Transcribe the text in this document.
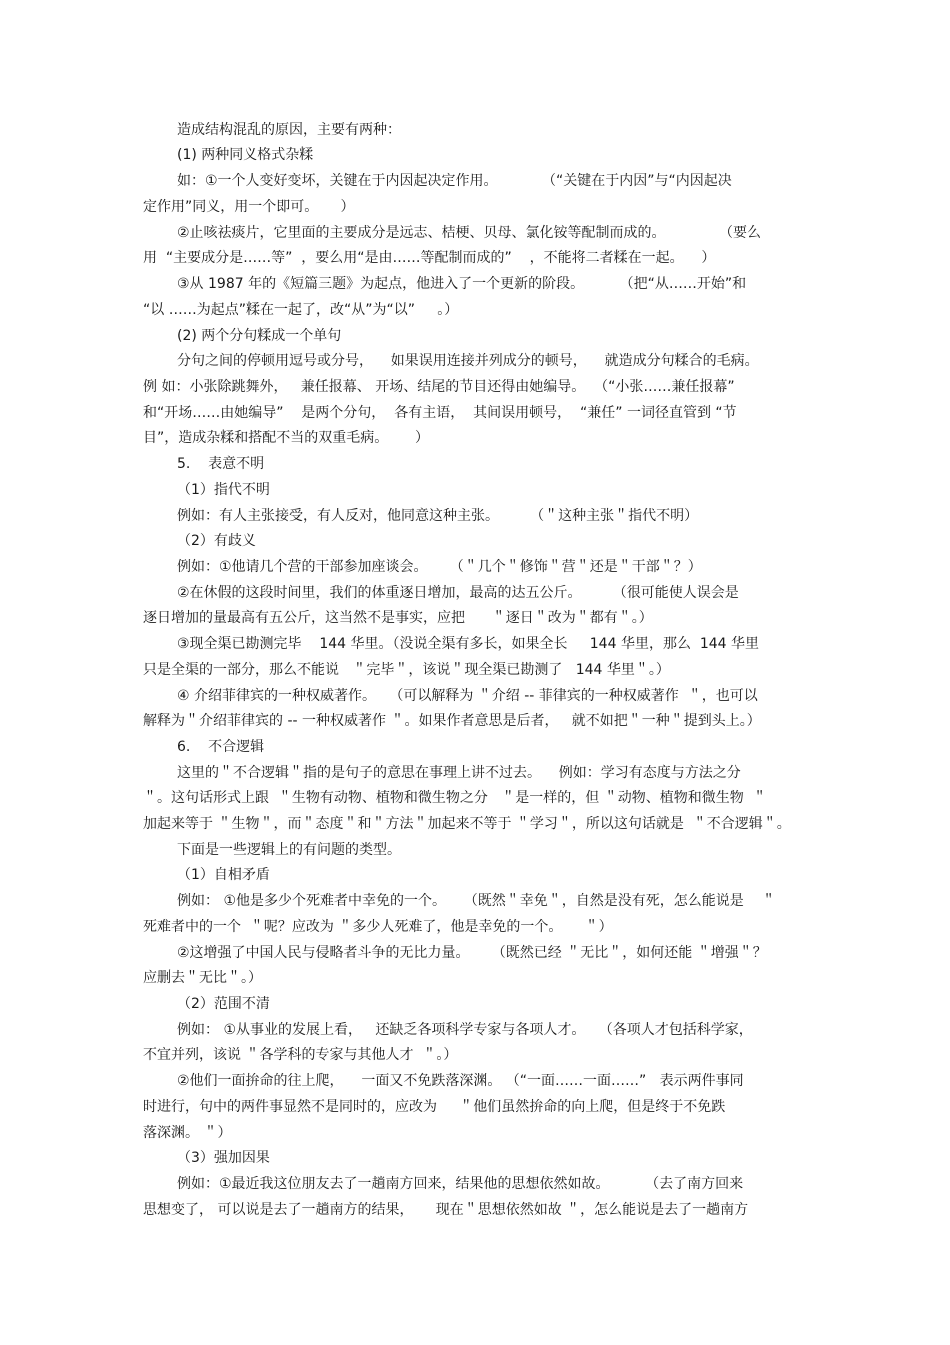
造成结构混乱的原因，主要有两种：
(1) 两种同义格式杂糅
如：①一个人变好变坏，关键在于内因起决定作用。          （“关键在于内因”与“内因起决
定作用”同义，用一个即可。     ）
②止咳祛痰片，它里面的主要成分是远志、桔梗、贝母、氯化铵等配制而成的。            （要么
用  “主要成分是……等”  ，要么用“是由……等配制而成的”    ，不能将二者糅在一起。    ）
③从 1987 年的《短篇三题》为起点，他进入了一个更新的阶段。        （把“从……开始”和
“以 ……为起点”糅在一起了，改“从”为“以”     。）
(2) 两个分句糅成一个单句
分句之间的停顿用逗号或分号，    如果误用连接并列成分的顿号，    就造成分句糅合的毛病。
例 如：小张除跳舞外，   兼任报幕、 开场、结尾的节目还得由她编导。  （“小张……兼任报幕”
和“开场……由她编导”    是两个分句，  各有主语，  其间误用顿号，  “兼任” 一词径直管到 “节
目”，造成杂糅和搭配不当的双重毛病。      ）
5.    表意不明
（1）指代不明
例如：有人主张接受，有人反对，他同意这种主张。       （＂这种主张＂指代不明）
（2）有歧义
例如：①他请几个营的干部参加座谈会。     （＂几个＂修饰＂营＂还是＂干部＂？）
②在休假的这段时间里，我们的体重逐日增加，最高的达五公斤。       （很可能使人误会是
逐日增加的量最高有五公斤，这当然不是事实，应把      ＂逐日＂改为＂都有＂。）
③现全渠已勘测完毕    144 华里。（没说全渠有多长，如果全长     144 华里，那么  144 华里
只是全渠的一部分，那么不能说   ＂完毕＂，该说＂现全渠已勘测了   144 华里＂。）
④ 介绍菲律宾的一种权威著作。   （可以解释为 ＂介绍 -- 菲律宾的一种权威著作  ＂，也可以
解释为＂介绍菲律宾的 -- 一种权威著作 ＂。如果作者意思是后者，   就不如把＂一种＂提到头上。）
6.    不合逻辑
这里的＂不合逻辑＂指的是句子的意思在事理上讲不过去。    例如：学习有态度与方法之分
＂。这句话形式上跟  ＂生物有动物、植物和微生物之分   ＂是一样的，但 ＂动物、植物和微生物  ＂
加起来等于 ＂生物＂，而＂态度＂和＂方法＂加起来不等于 ＂学习＂，所以这句话就是  ＂不合逻辑＂。
下面是一些逻辑上的有问题的类型。
（1）自相矛盾
例如： ①他是多少个死难者中幸免的一个。    （既然＂幸免＂，自然是没有死，怎么能说是    ＂
死难者中的一个  ＂呢？应改为 ＂多少人死难了，他是幸免的一个。     ＂）
②这增强了中国人民与侵略者斗争的无比力量。     （既然已经 ＂无比＂，如何还能 ＂增强＂？
应删去＂无比＂。）
（2）范围不清
例如： ①从事业的发展上看，   还缺乏各项科学专家与各项人才。   （各项人才包括科学家，
不宜并列，该说 ＂各学科的专家与其他人才  ＂。）
②他们一面拚命的往上爬，    一面又不免跌落深渊。 （“一面……一面……”   表示两件事同
时进行，句中的两件事显然不是同时的，应改为     ＂他们虽然拚命的向上爬，但是终于不免跌
落深渊。 ＂）
（3）强加因果
例如：①最近我这位朋友去了一趟南方回来，结果他的思想依然如故。        （去了南方回来
思想变了， 可以说是去了一趟南方的结果，     现在＂思想依然如故 ＂，怎么能说是去了一趟南方
